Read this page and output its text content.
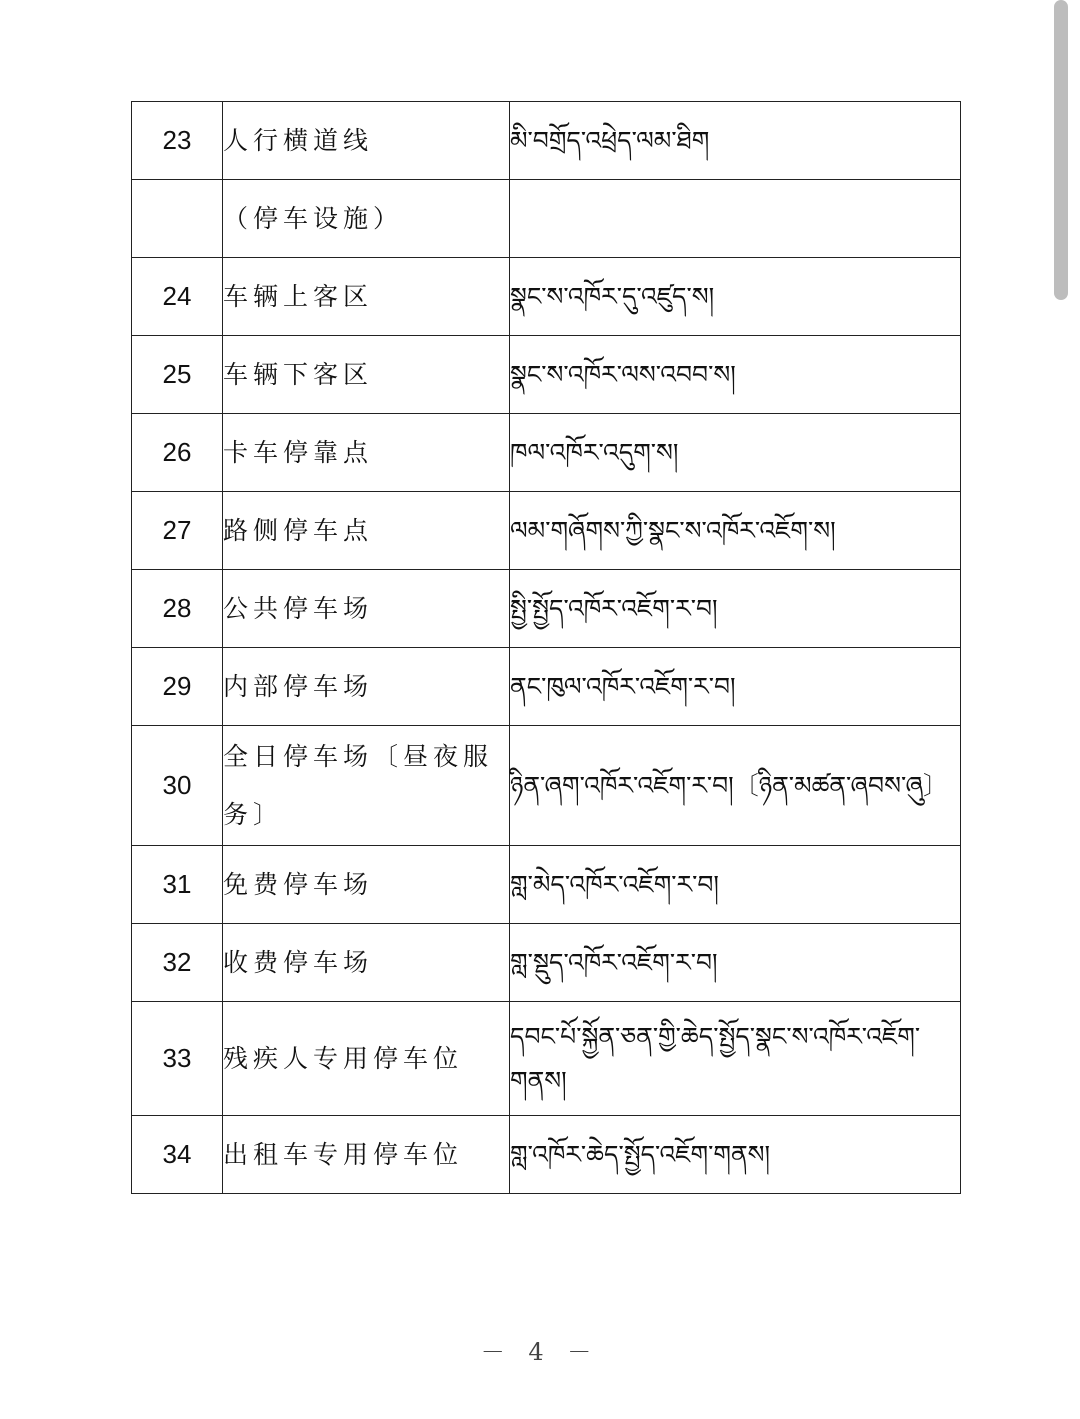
23	人行横道线	མི་བགྲོད་འཕྲེད་ལམ་ཐིག
	（停车设施）	
24	车辆上客区	སྣང་ས་འཁོར་དུ་འཛུད་ས།
25	车辆下客区	སྣང་ས་འཁོར་ལས་འབབ་ས།
26	卡车停靠点	ཁལ་འཁོར་འདུག་ས།
27	路侧停车点	ལམ་གཞོགས་ཀྱི་སྣང་ས་འཁོར་འཇོག་ས།
28	公共停车场	སྤྱི་སྤྱོད་འཁོར་འཇོག་ར་བ།
29	内部停车场	ནང་ཁུལ་འཁོར་འཇོག་ར་བ།
30	全日停车场〔昼夜服务〕	ཉིན་ཞག་འཁོར་འཇོག་ར་བ།〔ཉིན་མཚན་ཞབས་ཞུ〕
31	免费停车场	གླ་མེད་འཁོར་འཇོག་ར་བ།
32	收费停车场	གླ་སྡུད་འཁོར་འཇོག་ར་བ།
33	残疾人专用停车位	དབང་པོ་སྐྱོན་ཅན་གྱི་ཆེད་སྤྱོད་སྣང་ས་འཁོར་འཇོག་གནས།
34	出租车专用停车位	གླ་འཁོར་ཆེད་སྤྱོད་འཇོག་གནས།
－ 4 －
